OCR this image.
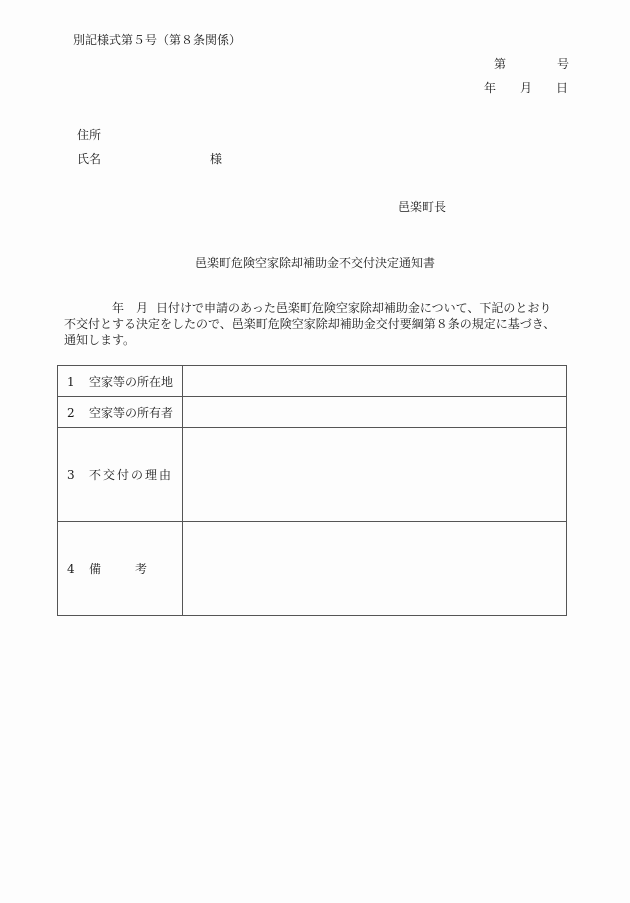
別記様式第５号（第８条関係）
第	号
年 月 日
住所
氏名	様
邑楽町長
邑楽町危険空家除却補助金不交付決定通知書
年 月 日付けで申請のあった邑楽町危険空家除却補助金について、下記のとおり
不交付とする決定をしたので、邑楽町危険空家除却補助金交付要綱第８条の規定に基づき、
通知します。
1 空家等の所在地	
2 空家等の所有者	
3 不交付の理由	
4 備 考	
